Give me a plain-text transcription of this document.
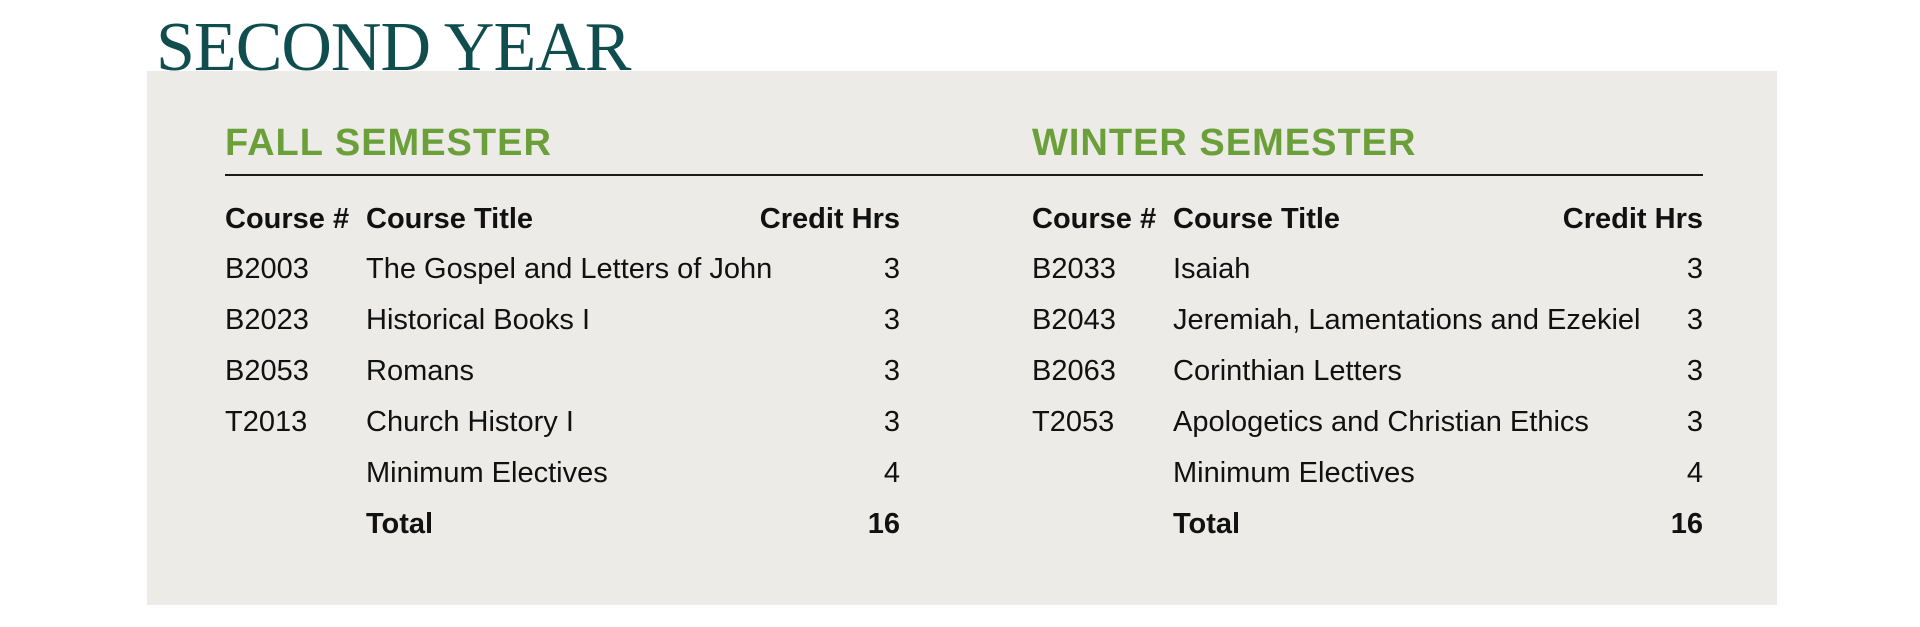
SECOND YEAR
FALL SEMESTER
Course # Course Title	Credit Hrs
B2003 The Gospel and Letters of John	3
B2023 Historical Books I	3
B2053 Romans	3
T2013 Church History I	3
Minimum Electives	4
Total	16
WINTER SEMESTER
Course # Course Title	Credit Hrs
B2033 Isaiah	3
B2043 Jeremiah, Lamentations and Ezekiel 3
B2063 Corinthian Letters	3
T2053 Apologetics and Christian Ethics	3
Minimum Electives	4
Total	16
